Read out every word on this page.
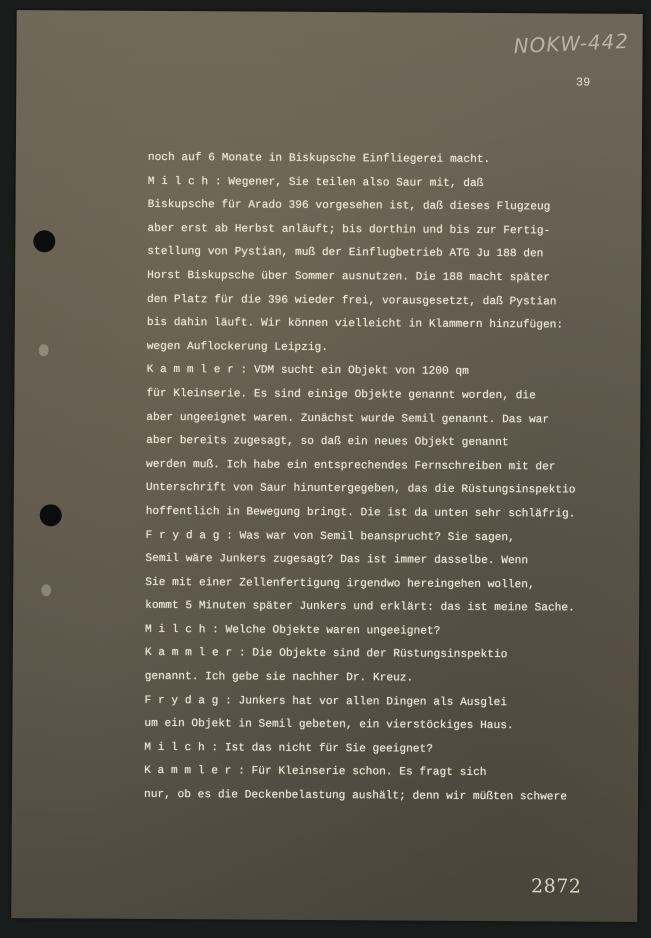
NOKW-442
39
noch auf 6 Monate in Biskupsche Einfliegerei macht.
M i l c h : Wegener, Sie teilen also Saur mit, daß
Biskupsche für Arado 396 vorgesehen ist, daß dieses Flugzeug
aber erst ab Herbst anläuft; bis dorthin und bis zur Fertig-
stellung von Pystian, muß der Einflugbetrieb ATG Ju 188 den
Horst Biskupsche über Sommer ausnutzen. Die 188 macht später
den Platz für die 396 wieder frei, vorausgesetzt, daß Pystian
bis dahin läuft. Wir können vielleicht in Klammern hinzufügen:
wegen Auflockerung Leipzig.
K a m m l e r : VDM sucht ein Objekt von 1200 qm
für Kleinserie. Es sind einige Objekte genannt worden, die
aber ungeeignet waren. Zunächst wurde Semil genannt. Das war
aber bereits zugesagt, so daß ein neues Objekt genannt
werden muß. Ich habe ein entsprechendes Fernschreiben mit der
Unterschrift von Saur hinuntergegeben, das die Rüstungsinspektio
hoffentlich in Bewegung bringt. Die ist da unten sehr schläfrig.
F r y d a g : Was war von Semil beansprucht? Sie sagen,
Semil wäre Junkers zugesagt? Das ist immer dasselbe. Wenn
Sie mit einer Zellenfertigung irgendwo hereingehen wollen,
kommt 5 Minuten später Junkers und erklärt: das ist meine Sache.
M i l c h : Welche Objekte waren ungeeignet?
K a m m l e r : Die Objekte sind der Rüstungsinspektio
genannt. Ich gebe sie nachher Dr. Kreuz.
F r y d a g : Junkers hat vor allen Dingen als Ausglei
um ein Objekt in Semil gebeten, ein vierstöckiges Haus.
M i l c h : Ist das nicht für Sie geeignet?
K a m m l e r : Für Kleinserie schon. Es fragt sich
nur, ob es die Deckenbelastung aushält; denn wir müßten schwere
2872
